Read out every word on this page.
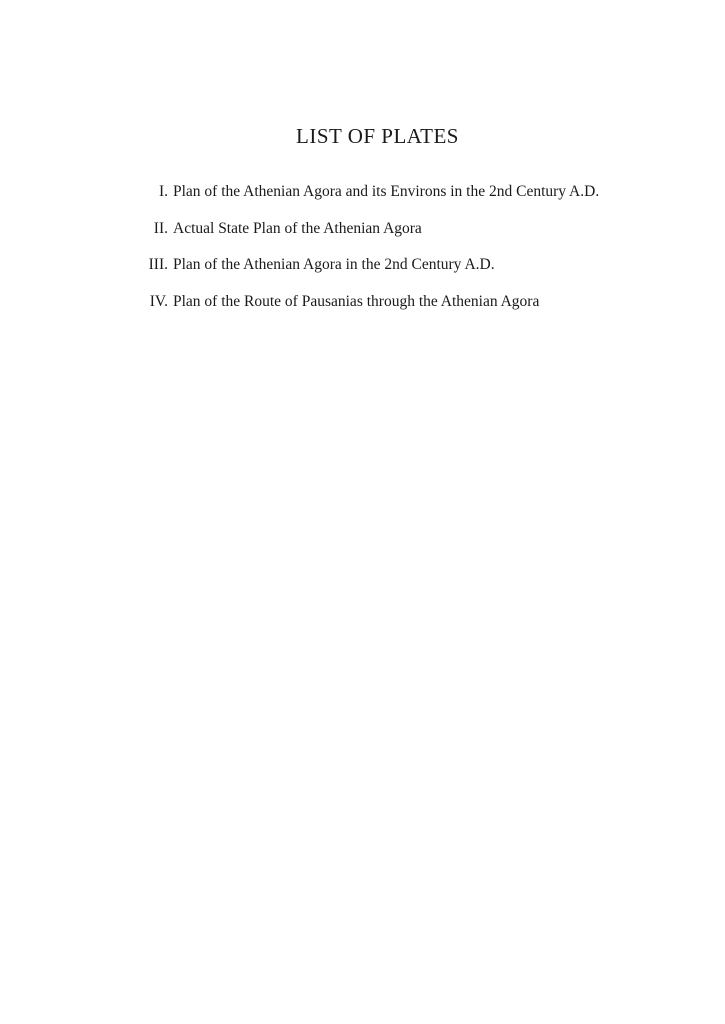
LIST OF PLATES
I. Plan of the Athenian Agora and its Environs in the 2nd Century A.D.
II. Actual State Plan of the Athenian Agora
III. Plan of the Athenian Agora in the 2nd Century A.D.
IV. Plan of the Route of Pausanias through the Athenian Agora
